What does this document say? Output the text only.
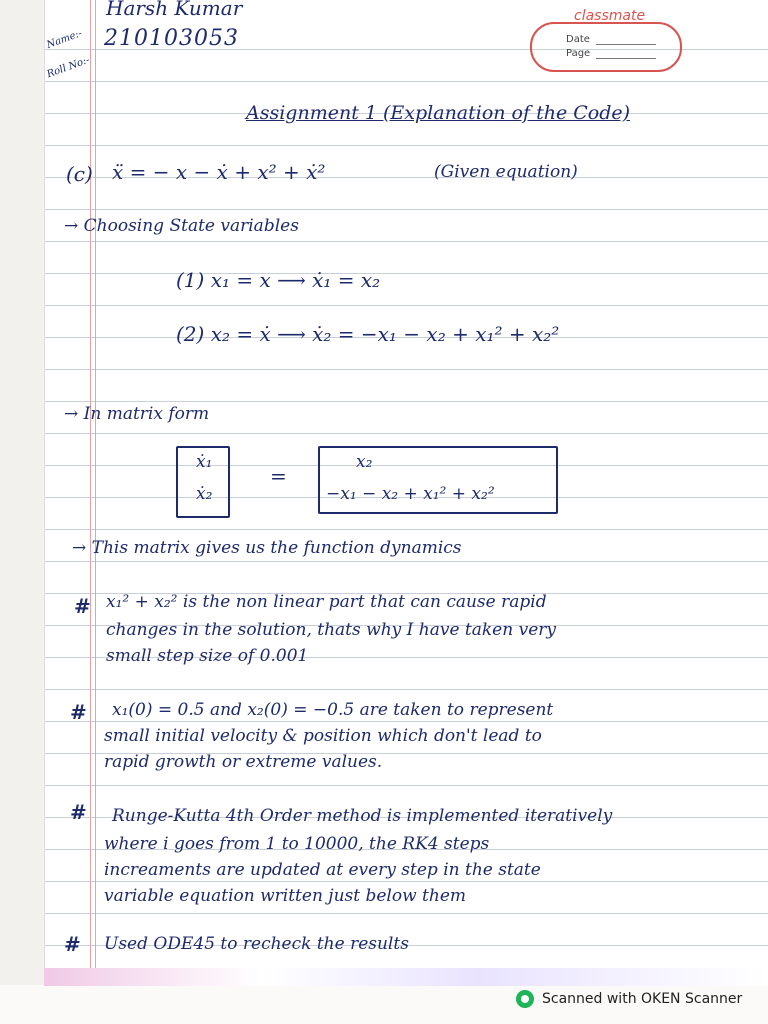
Name:-
Roll No:-
Harsh Kumar
210103053
classmate
Date
Page
Assignment 1 (Explanation of the Code)
(c) ẍ = − x − ẋ + x² + ẋ²	(Given equation)
→ Choosing State variables
(1) x₁ = x ⟶ ẋ₁ = x₂
(2) x₂ = ẋ ⟶ ẋ₂ = −x₁ − x₂ + x₁² + x₂²
→ In matrix form
ẋ₁
ẋ₂
=
x₂
−x₁ − x₂ + x₁² + x₂²
→ This matrix gives us the function dynamics
# x₁² + x₂² is the non linear part that can cause rapid
changes in the solution, thats why I have taken very
small step size of 0.001
# x₁(0) = 0.5 and x₂(0) = −0.5 are taken to represent
small initial velocity & position which don't lead to
rapid growth or extreme values.
# Runge-Kutta 4th Order method is implemented iteratively
where i goes from 1 to 10000, the RK4 steps
increaments are updated at every step in the state
variable equation written just below them
# Used ODE45 to recheck the results
Scanned with OKEN Scanner
